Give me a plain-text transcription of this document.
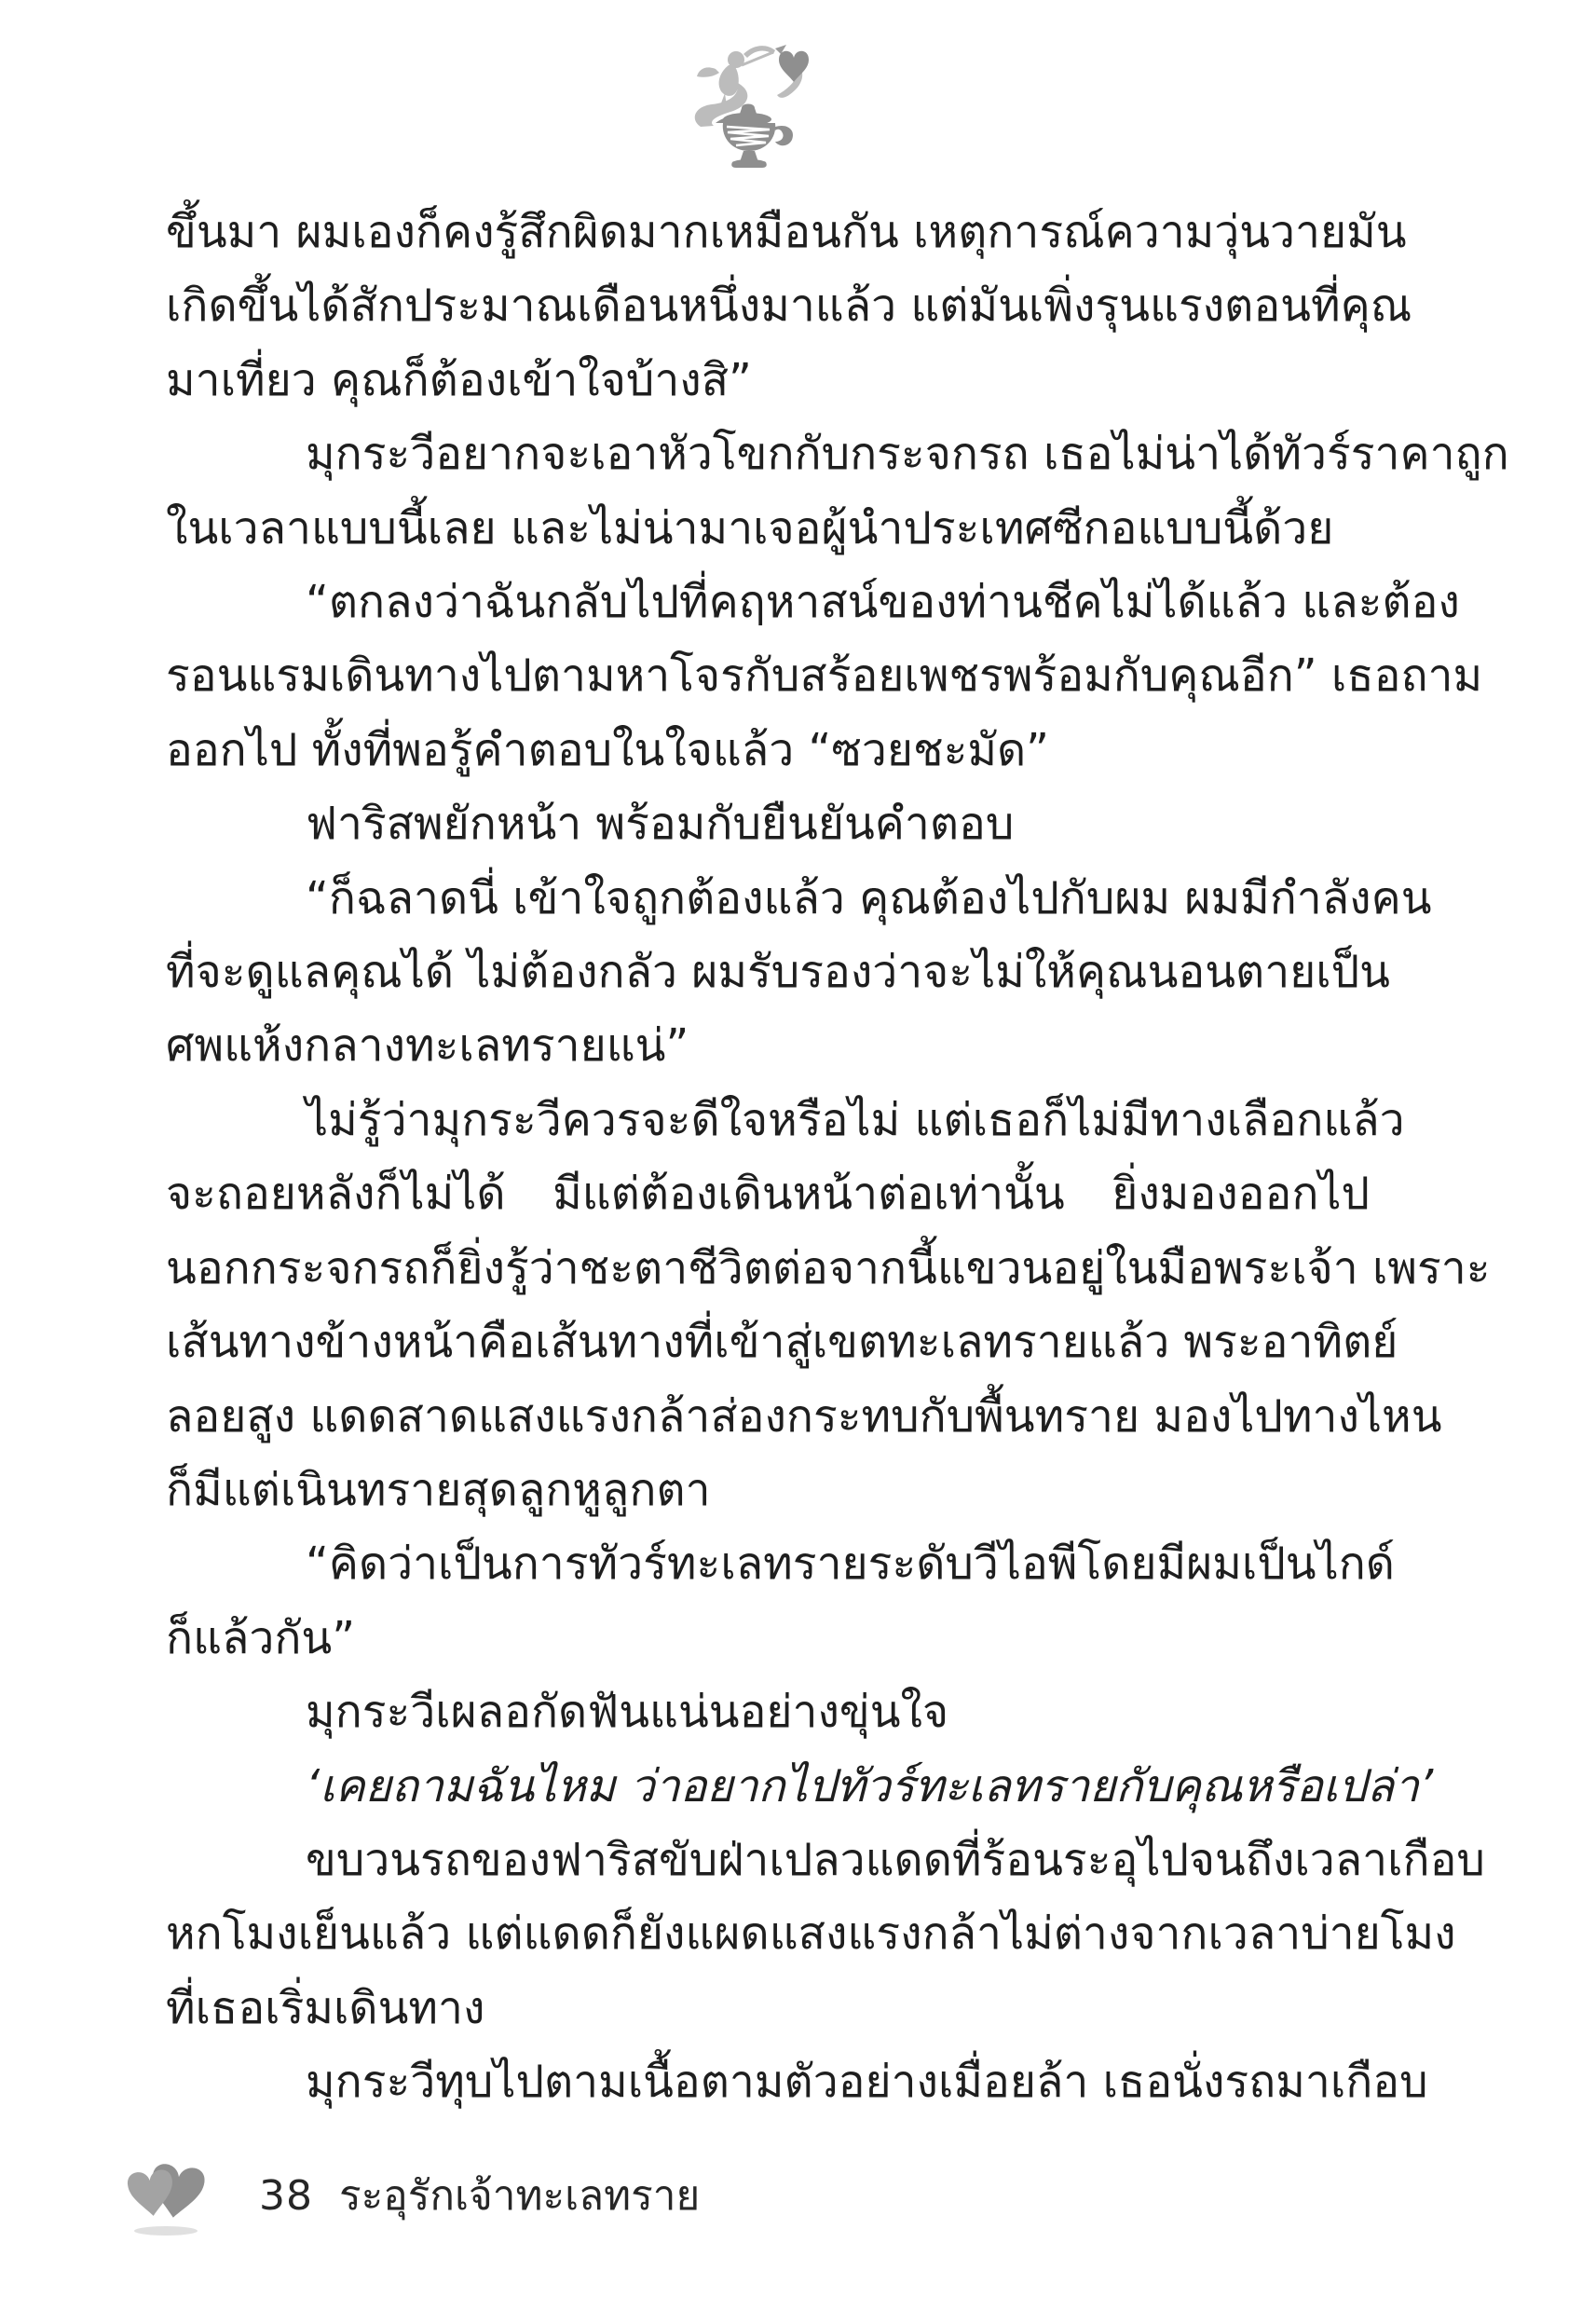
ขึ้นมา ผมเองก็คงรู้สึกผิดมากเหมือนกัน เหตุการณ์ความวุ่นวายมัน
เกิดขึ้นได้สักประมาณเดือนหนึ่งมาแล้ว แต่มันเพิ่งรุนแรงตอนที่คุณ
มาเที่ยว คุณก็ต้องเข้าใจบ้างสิ”
มุกระวีอยากจะเอาหัวโขกกับกระจกรถ เธอไม่น่าได้ทัวร์ราคาถูก
ในเวลาแบบนี้เลย และไม่น่ามาเจอผู้นำประเทศซีกอแบบนี้ด้วย
“ตกลงว่าฉันกลับไปที่คฤหาสน์ของท่านชีคไม่ได้แล้ว และต้อง
รอนแรมเดินทางไปตามหาโจรกับสร้อยเพชรพร้อมกับคุณอีก” เธอถาม
ออกไป ทั้งที่พอรู้คำตอบในใจแล้ว “ซวยชะมัด”
ฟาริสพยักหน้า พร้อมกับยืนยันคำตอบ
“ก็ฉลาดนี่ เข้าใจถูกต้องแล้ว คุณต้องไปกับผม ผมมีกำลังคน
ที่จะดูแลคุณได้ ไม่ต้องกลัว ผมรับรองว่าจะไม่ให้คุณนอนตายเป็น
ศพแห้งกลางทะเลทรายแน่”
ไม่รู้ว่ามุกระวีควรจะดีใจหรือไม่ แต่เธอก็ไม่มีทางเลือกแล้ว
จะถอยหลังก็ไม่ได้ มีแต่ต้องเดินหน้าต่อเท่านั้น ยิ่งมองออกไป
นอกกระจกรถก็ยิ่งรู้ว่าชะตาชีวิตต่อจากนี้แขวนอยู่ในมือพระเจ้า เพราะ
เส้นทางข้างหน้าคือเส้นทางที่เข้าสู่เขตทะเลทรายแล้ว พระอาทิตย์
ลอยสูง แดดสาดแสงแรงกล้าส่องกระทบกับพื้นทราย มองไปทางไหน
ก็มีแต่เนินทรายสุดลูกหูลูกตา
“คิดว่าเป็นการทัวร์ทะเลทรายระดับวีไอพีโดยมีผมเป็นไกด์
ก็แล้วกัน”
มุกระวีเผลอกัดฟันแน่นอย่างขุ่นใจ
‘เคยถามฉันไหม ว่าอยากไปทัวร์ทะเลทรายกับคุณหรือเปล่า’
ขบวนรถของฟาริสขับฝ่าเปลวแดดที่ร้อนระอุไปจนถึงเวลาเกือบ
หกโมงเย็นแล้ว แต่แดดก็ยังแผดแสงแรงกล้าไม่ต่างจากเวลาบ่ายโมง
ที่เธอเริ่มเดินทาง
มุกระวีทุบไปตามเนื้อตามตัวอย่างเมื่อยล้า เธอนั่งรถมาเกือบ
38 ระอุรักเจ้าทะเลทราย
